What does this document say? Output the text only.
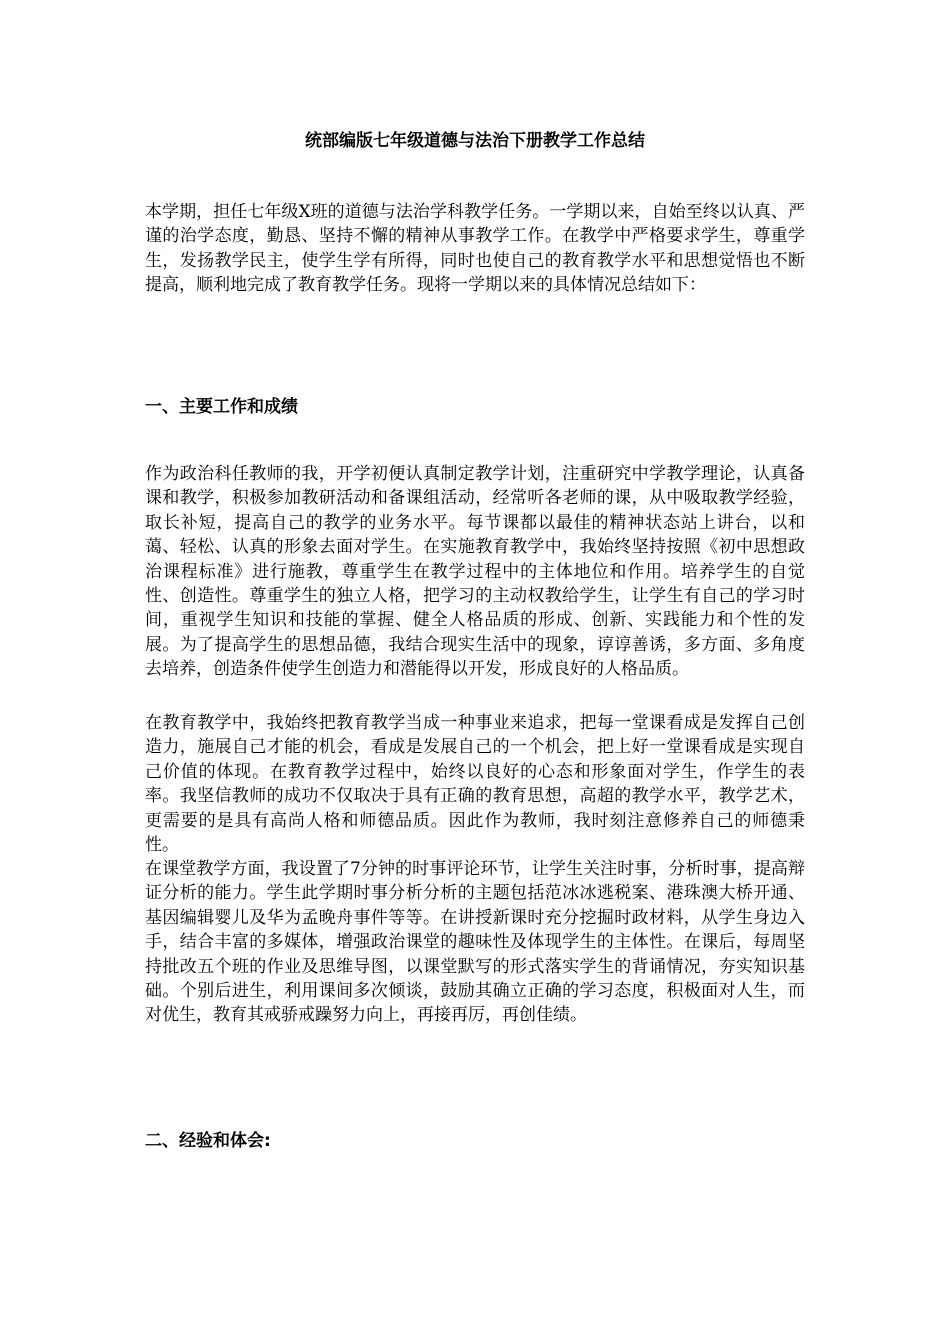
统部编版七年级道德与法治下册教学工作总结

本学期，担任七年级X班的道德与法治学科教学任务。一学期以来，自始至终以认真、严谨的治学态度，勤恳、坚持不懈的精神从事教学工作。在教学中严格要求学生，尊重学生，发扬教学民主，使学生学有所得，同时也使自己的教育教学水平和思想觉悟也不断提高，顺利地完成了教育教学任务。现将一学期以来的具体情况总结如下：

一、主要工作和成绩

作为政治科任教师的我，开学初便认真制定教学计划，注重研究中学教学理论，认真备课和教学，积极参加教研活动和备课组活动，经常听各老师的课，从中吸取教学经验，取长补短，提高自己的教学的业务水平。每节课都以最佳的精神状态站上讲台，以和蔼、轻松、认真的形象去面对学生。在实施教育教学中，我始终坚持按照《初中思想政治课程标准》进行施教，尊重学生在教学过程中的主体地位和作用。培养学生的自觉性、创造性。尊重学生的独立人格，把学习的主动权教给学生，让学生有自己的学习时间，重视学生知识和技能的掌握、健全人格品质的形成、创新、实践能力和个性的发展。为了提高学生的思想品德，我结合现实生活中的现象，谆谆善诱，多方面、多角度去培养，创造条件使学生创造力和潜能得以开发，形成良好的人格品质。

在教育教学中，我始终把教育教学当成一种事业来追求，把每一堂课看成是发挥自己创造力，施展自己才能的机会，看成是发展自己的一个机会，把上好一堂课看成是实现自己价值的体现。在教育教学过程中，始终以良好的心态和形象面对学生，作学生的表率。我坚信教师的成功不仅取决于具有正确的教育思想，高超的教学水平，教学艺术，更需要的是具有高尚人格和师德品质。因此作为教师，我时刻注意修养自己的师德秉性。

在课堂教学方面，我设置了7分钟的时事评论环节，让学生关注时事，分析时事，提高辩证分析的能力。学生此学期时事分析分析的主题包括范冰冰逃税案、港珠澳大桥开通、基因编辑婴儿及华为孟晚舟事件等等。在讲授新课时充分挖掘时政材料，从学生身边入手，结合丰富的多媒体，增强政治课堂的趣味性及体现学生的主体性。在课后，每周坚持批改五个班的作业及思维导图，以课堂默写的形式落实学生的背诵情况，夯实知识基础。个别后进生，利用课间多次倾谈，鼓励其确立正确的学习态度，积极面对人生，而对优生，教育其戒骄戒躁努力向上，再接再厉，再创佳绩。

二、经验和体会:
